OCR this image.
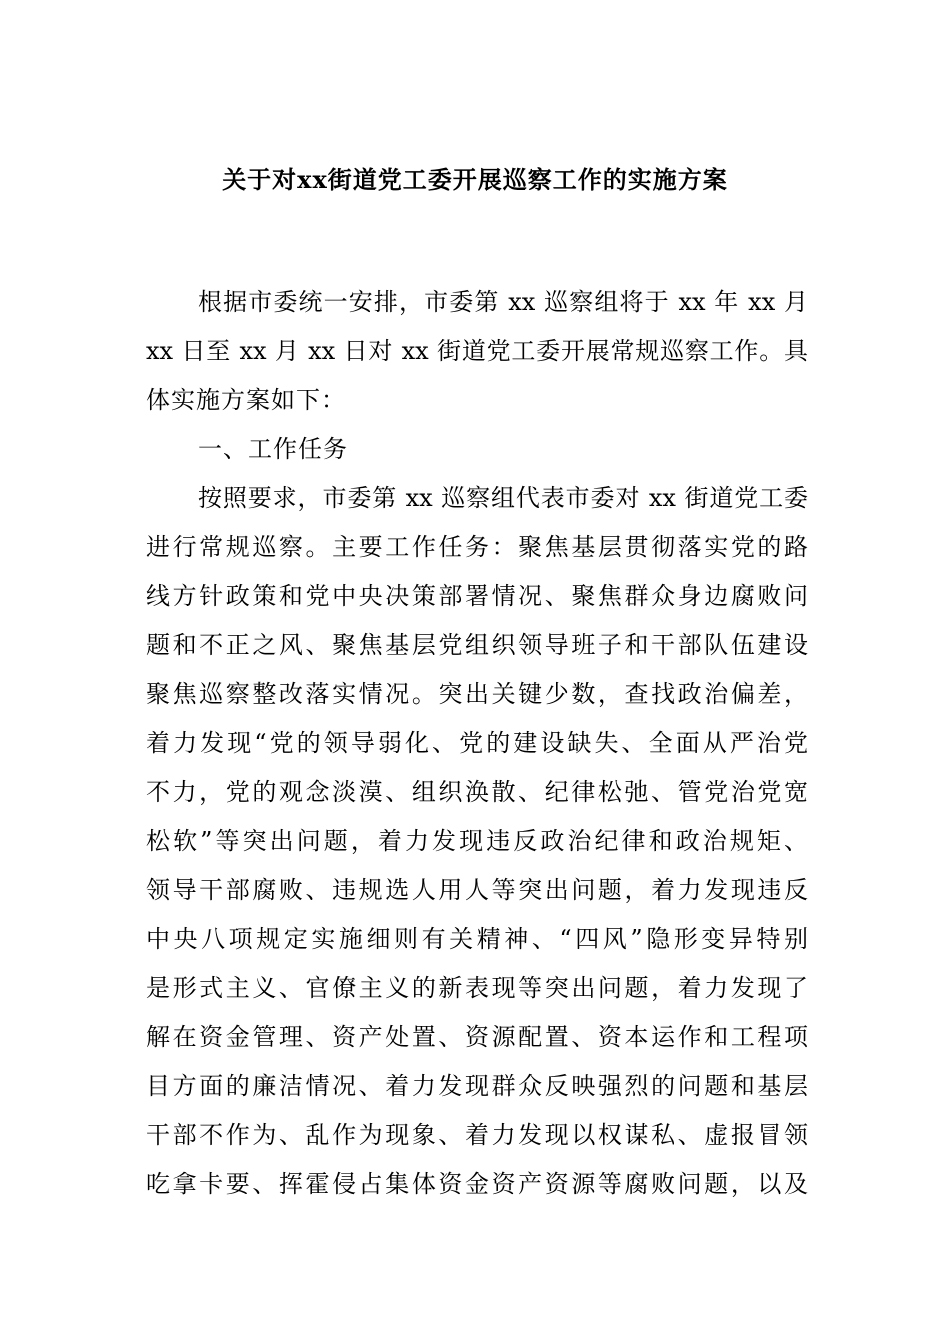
关于对xx街道党工委开展巡察工作的实施方案
根据市委统一安排，市委第 xx 巡察组将于 xx 年 xx 月
xx 日至 xx 月 xx 日对 xx 街道党工委开展常规巡察工作。具
体实施方案如下：
一、工作任务
按照要求，市委第 xx 巡察组代表市委对 xx 街道党工委
进行常规巡察。主要工作任务：聚焦基层贯彻落实党的路
线方针政策和党中央决策部署情况、聚焦群众身边腐败问
题和不正之风、聚焦基层党组织领导班子和干部队伍建设
聚焦巡察整改落实情况。突出关键少数，查找政治偏差，
着力发现“党的领导弱化、党的建设缺失、全面从严治党
不力，党的观念淡漠、组织涣散、纪律松弛、管党治党宽
松软”等突出问题，着力发现违反政治纪律和政治规矩、
领导干部腐败、违规选人用人等突出问题，着力发现违反
中央八项规定实施细则有关精神、“四风”隐形变异特别
是形式主义、官僚主义的新表现等突出问题，着力发现了
解在资金管理、资产处置、资源配置、资本运作和工程项
目方面的廉洁情况、着力发现群众反映强烈的问题和基层
干部不作为、乱作为现象、着力发现以权谋私、虚报冒领
吃拿卡要、挥霍侵占集体资金资产资源等腐败问题，以及
